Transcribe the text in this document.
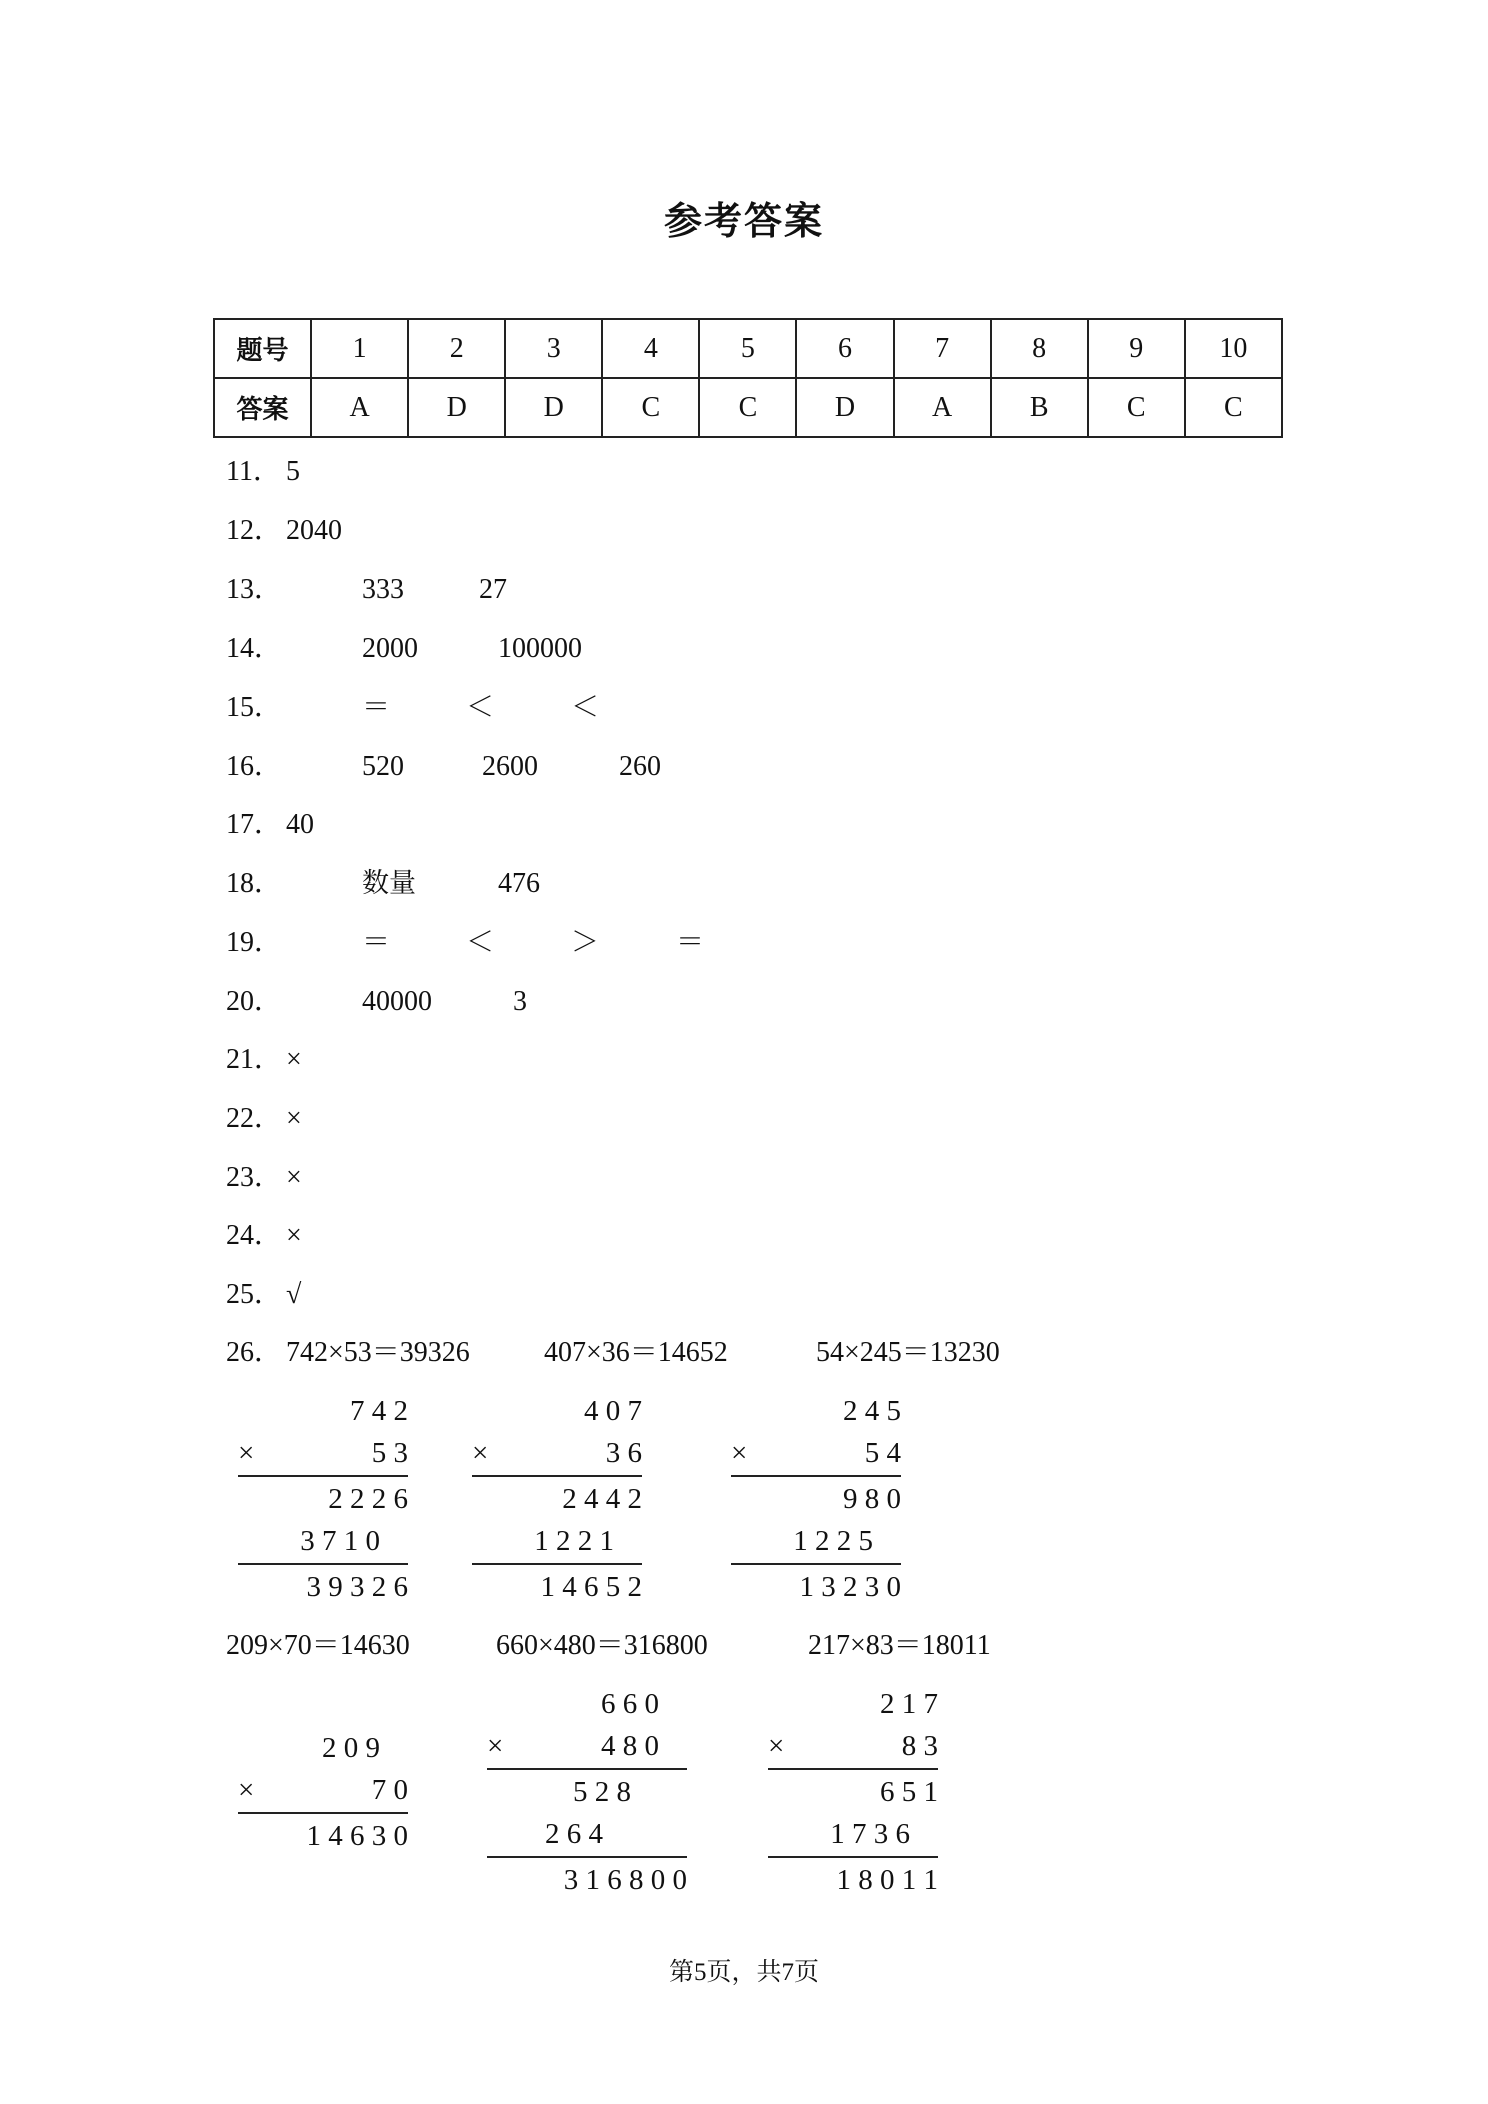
参考答案
题号	1	2	3	4	5	6	7	8	9	10
答案	A	D	D	C	C	D	A	B	C	C
11． 5
12． 2040
13．	333	27
14．	2000	100000
15．	＝	＜	＜
16．	520	2600	260
17． 40
18．	数量	476
19．	＝	＜	＞	＝
20．	40000	3
21． ×
22． ×
23． ×
24． ×
25． √
26． 742×53＝39326	407×36＝14652	54×245＝13230
7 4 2
×	5 3
2 2 2 6
3 7 1 0
3 9 3 2 6
4 0 7
×	3 6
2 4 4 2
1 2 2 1
1 4 6 5 2
2 4 5
×	5 4
9 8 0
1 2 2 5
1 3 2 3 0
209×70＝14630	660×480＝316800	217×83＝18011
2 0 9
×	7 0
1 4 6 3 0
6 6 0
×	4 8 0
5 2 8
2 6 4
3 1 6 8 0 0
2 1 7
×	8 3
6 5 1
1 7 3 6
1 8 0 1 1
第5页，共7页
